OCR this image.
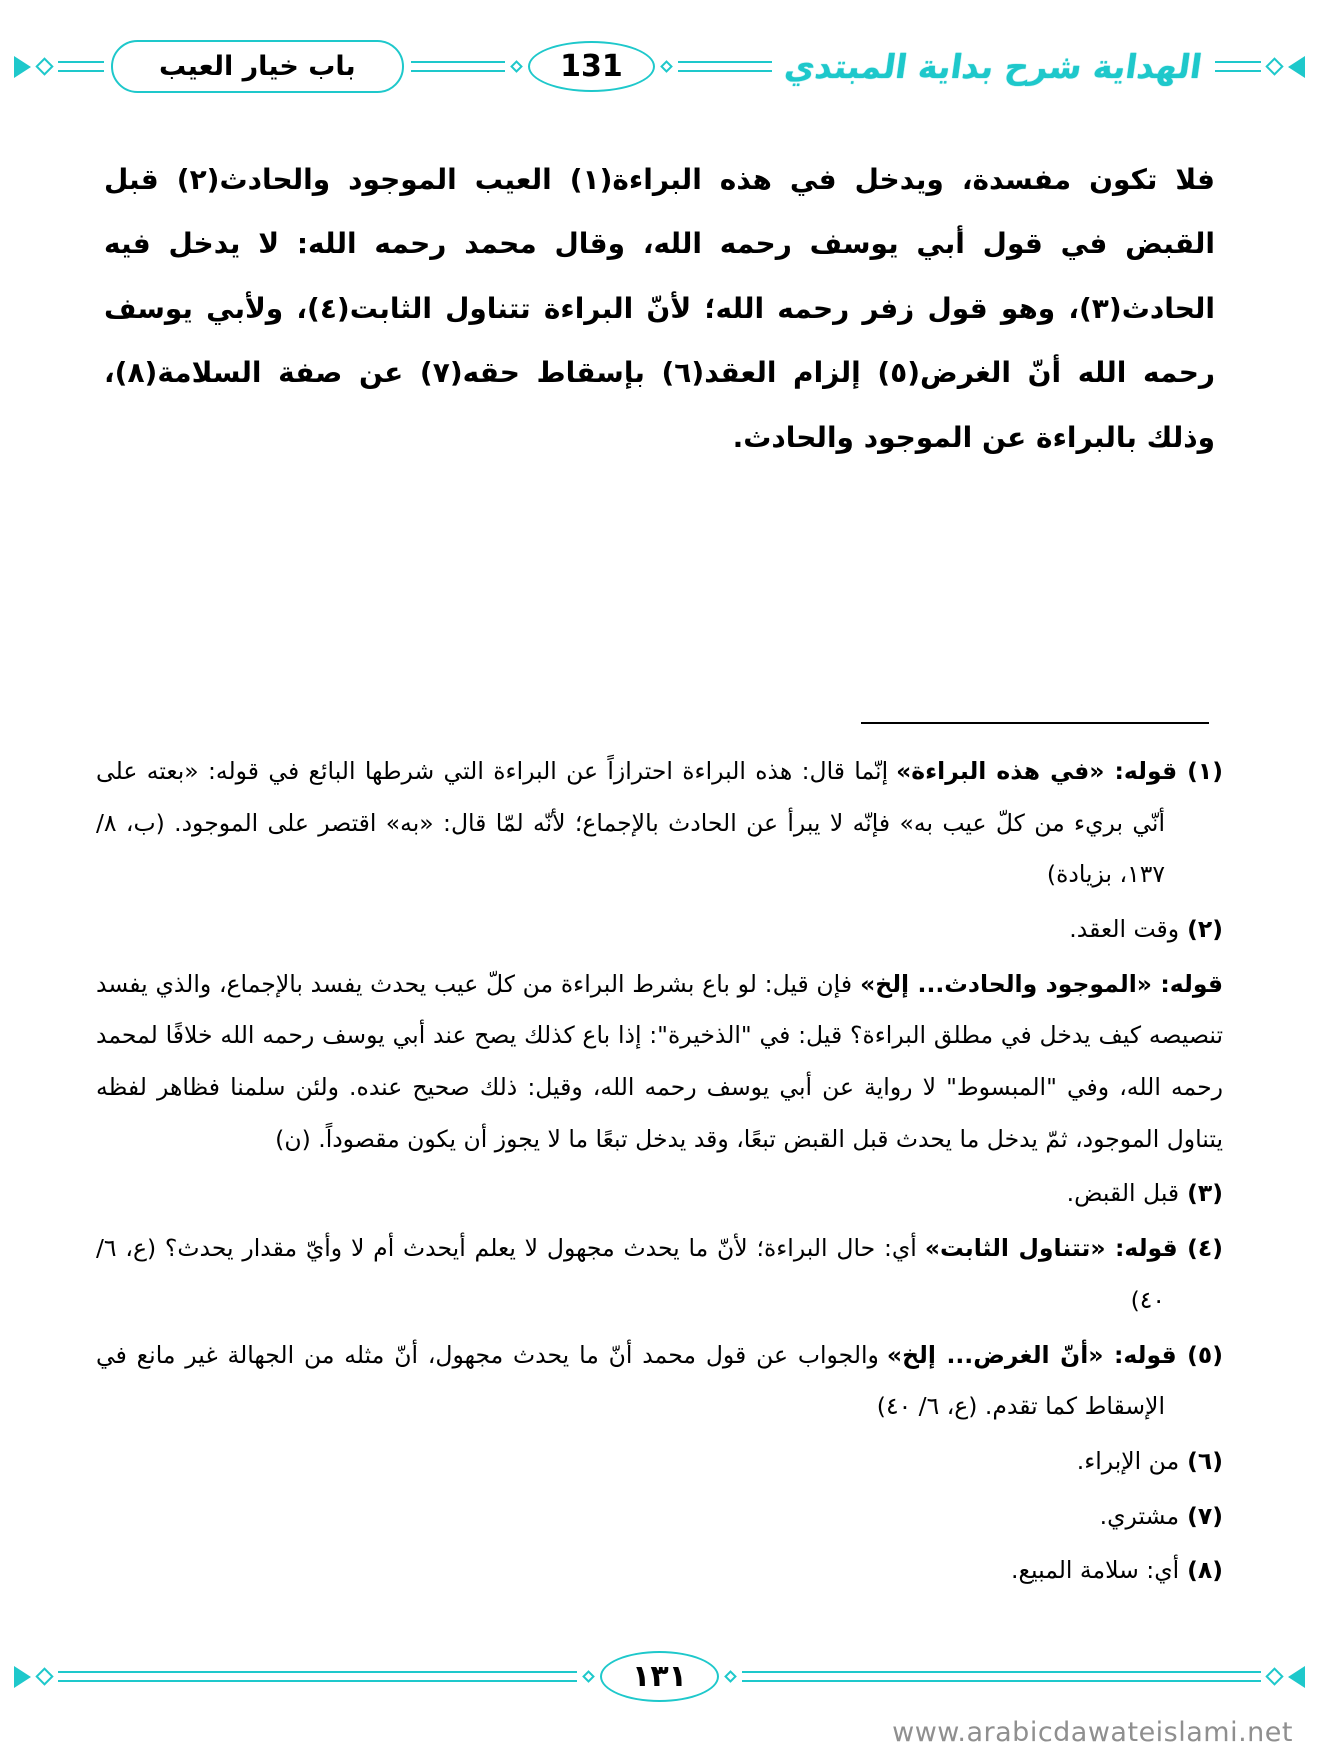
باب خيار العيب	131	الهداية شرح بداية المبتدي

فلا تكون مفسدة، ويدخل في هذه البراءة(١) العيب الموجود والحادث(٢) قبل القبض في قول أبي يوسف رحمه الله، وقال محمد رحمه الله: لا يدخل فيه الحادث(٣)، وهو قول زفر رحمه الله؛ لأنّ البراءة تتناول الثابت(٤)، ولأبي يوسف رحمه الله أنّ الغرض(٥) إلزام العقد(٦) بإسقاط حقه(٧) عن صفة السلامة(٨)، وذلك بالبراءة عن الموجود والحادث.

(١) قوله: «في هذه البراءة»إنّما قال: هذه البراءة احترازاً عن البراءة التي شرطها البائع في قوله: «بعته على أنّي بريء من كلّ عيب به» فإنّه لا يبرأ عن الحادث بالإجماع؛ لأنّه لمّا قال: «به» اقتصر على الموجود. (ب، ٨/ ١٣٧، بزيادة)

(٢)وقت العقد.

قوله: «الموجود والحادث... إلخ»فإن قيل: لو باع بشرط البراءة من كلّ عيب يحدث يفسد بالإجماع، والذي يفسد تنصيصه كيف يدخل في مطلق البراءة؟ قيل: في "الذخيرة": إذا باع كذلك يصح عند أبي يوسف رحمه الله خلافًا لمحمد رحمه الله، وفي "المبسوط" لا رواية عن أبي يوسف رحمه الله، وقيل: ذلك صحيح عنده. ولئن سلمنا فظاهر لفظه يتناول الموجود، ثمّ يدخل ما يحدث قبل القبض تبعًا، وقد يدخل تبعًا ما لا يجوز أن يكون مقصوداً. (ن)

(٣)قبل القبض.

(٤) قوله: «تتناول الثابت»أي: حال البراءة؛ لأنّ ما يحدث مجهول لا يعلم أيحدث أم لا وأيّ مقدار يحدث؟ (ع، ٦/ ٤٠)

(٥) قوله: «أنّ الغرض... إلخ»والجواب عن قول محمد أنّ ما يحدث مجهول، أنّ مثله من الجهالة غير مانع في الإسقاط كما تقدم. (ع، ٦/ ٤٠)

(٦)من الإبراء.

(٧)مشتري.

(٨)أي: سلامة المبيع.

١٣١
www.arabicdawateislami.net
